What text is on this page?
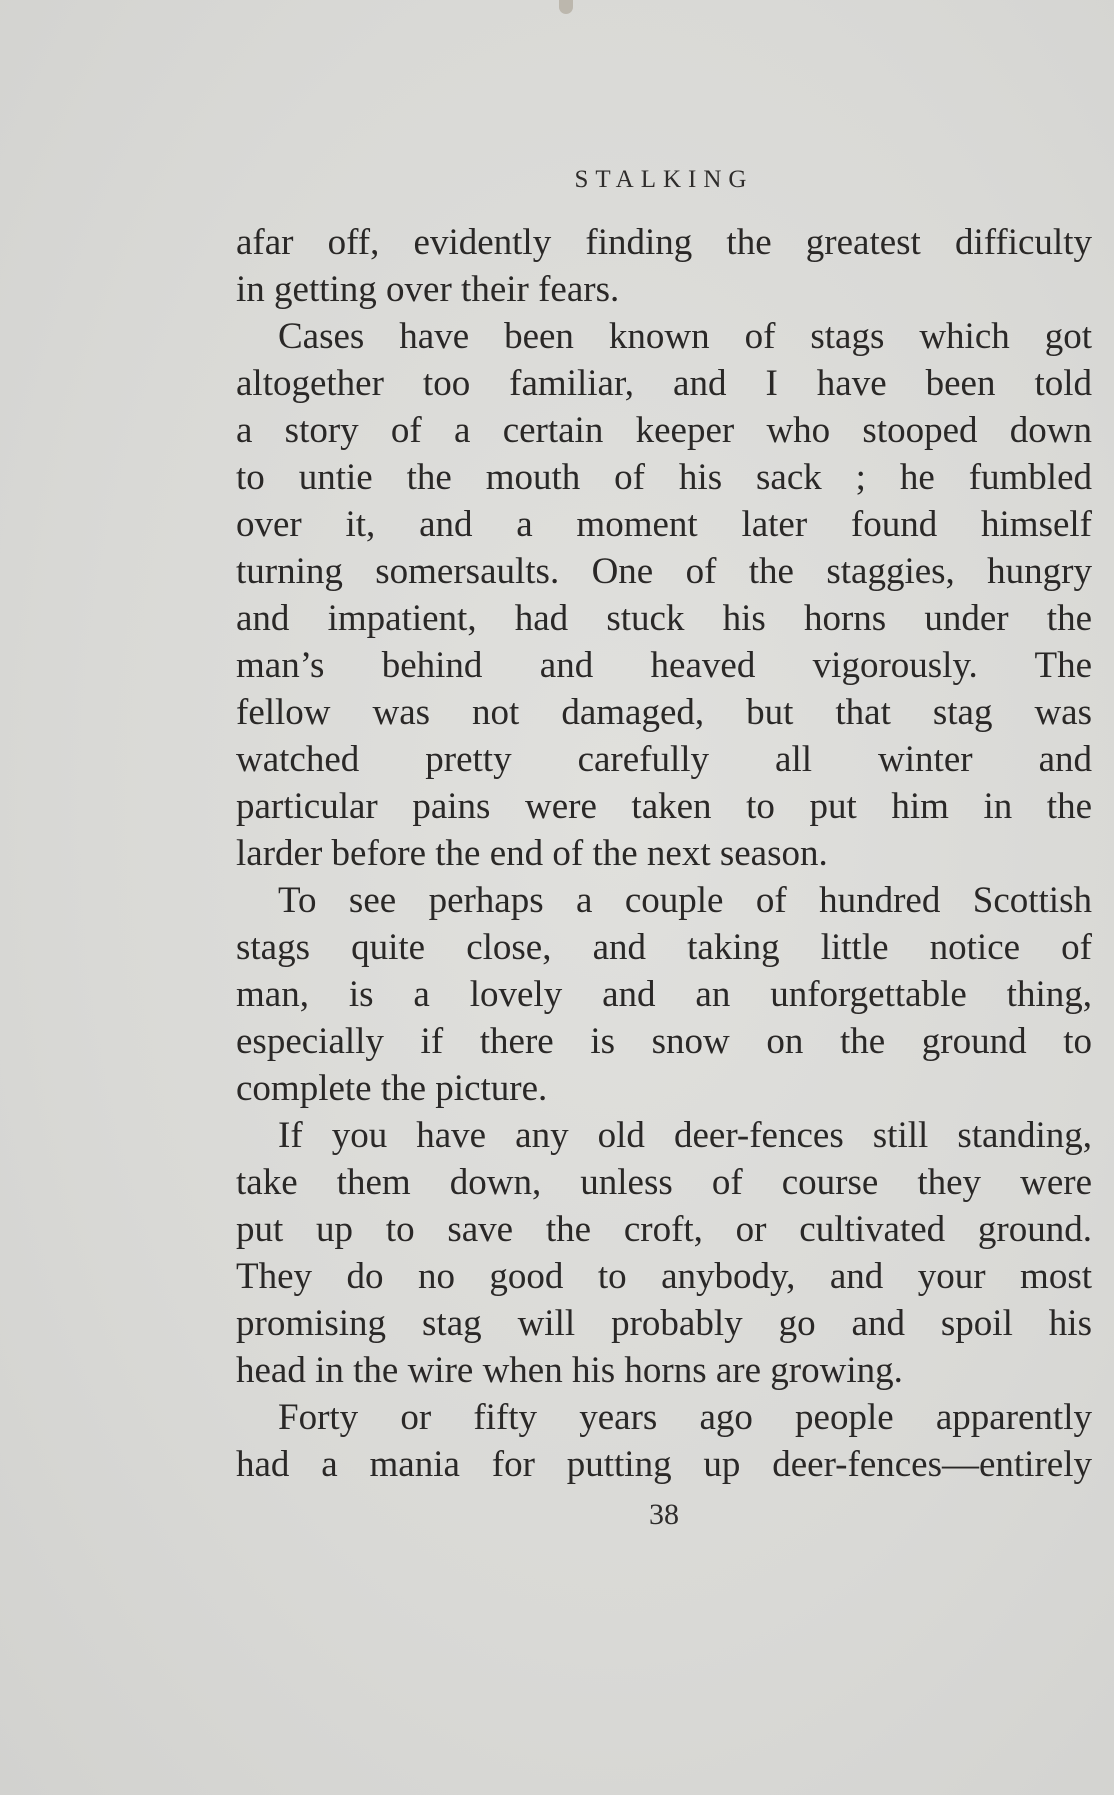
STALKING
afar off, evidently finding the greatest difficulty
in getting over their fears.
Cases have been known of stags which got
altogether too familiar, and I have been told
a story of a certain keeper who stooped down
to untie the mouth of his sack ; he fumbled
over it, and a moment later found himself
turning somersaults. One of the staggies, hungry
and impatient, had stuck his horns under the
man’s behind and heaved vigorously. The
fellow was not damaged, but that stag was
watched pretty carefully all winter and
particular pains were taken to put him in the
larder before the end of the next season.
To see perhaps a couple of hundred Scottish
stags quite close, and taking little notice of
man, is a lovely and an unforgettable thing,
especially if there is snow on the ground to
complete the picture.
If you have any old deer-fences still standing,
take them down, unless of course they were
put up to save the croft, or cultivated ground.
They do no good to anybody, and your most
promising stag will probably go and spoil his
head in the wire when his horns are growing.
Forty or fifty years ago people apparently
had a mania for putting up deer-fences—entirely
38
